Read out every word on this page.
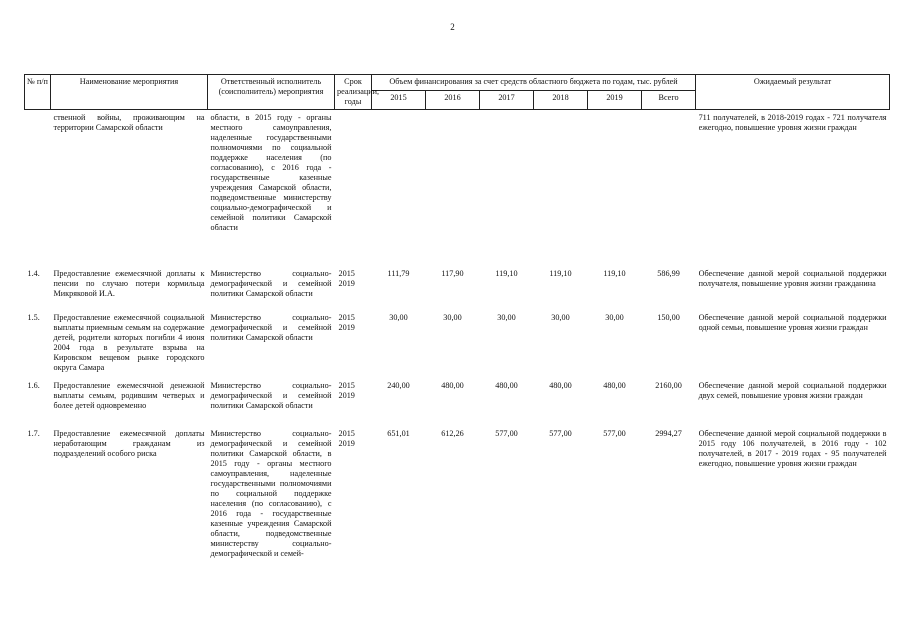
2
№ п/п	Наименование мероприятия	Ответственный исполнитель (соисполнитель) мероприятия	Срок реализации, годы	Объем финансирования за счет средств областного бюджета по годам, тыс. рублей						Ожидаемый результат
				2015	2016	2017	2018	2019	Всего	
	ственной войны, проживающим на территории Самарской области	области, в 2015 году - органы местного самоуправления, наделенные государственными полномочиями по социальной поддержке населения (по согласованию), с 2016 года - государственные казенные учреждения Самарской области, подведомственные министерству социально-демографической и семейной политики Самарской области								711 получателей, в 2018-2019 годах - 721 получателя ежегодно, повышение уровня жизни граждан
1.4.	Предоставление ежемесячной доплаты к пенсии по случаю потери кормильца Микряковой И.А.	Министерство социально-демографической и семейной политики Самарской области	2015 2019	111,79	117,90	119,10	119,10	119,10	586,99	Обеспечение данной мерой социальной поддержки получателя, повышение уровня жизни гражданина
1.5.	Предоставление ежемесячной социальной выплаты приемным семьям на содержание детей, родители которых погибли 4 июня 2004 года в результате взрыва на Кировском вещевом рынке городского округа Самара	Министерство социально-демографической и семейной политики Самарской области	2015 2019	30,00	30,00	30,00	30,00	30,00	150,00	Обеспечение данной мерой социальной поддержки одной семьи, повышение уровня жизни граждан
1.6.	Предоставление ежемесячной денежной выплаты семьям, родившим четверых и более детей одновременно	Министерство социально-демографической и семейной политики Самарской области	2015 2019	240,00	480,00	480,00	480,00	480,00	2160,00	Обеспечение данной мерой социальной поддержки двух семей, повышение уровня жизни граждан
1.7.	Предоставление ежемесячной доплаты неработающим гражданам из подразделений особого риска	Министерство социально-демографической и семейной политики Самарской области, в 2015 году - органы местного самоуправления, наделенные государственными полномочиями по социальной поддержке населения (по согласованию), с 2016 года - государственные казенные учреждения Самарской области, подведомственные министерству социально-демографической и семей-	2015 2019	651,01	612,26	577,00	577,00	577,00	2994,27	Обеспечение данной мерой социальной поддержки в 2015 году 106 получателей, в 2016 году - 102 получателей, в 2017 - 2019 годах - 95 получателей ежегодно, повышение уровня жизни граждан
